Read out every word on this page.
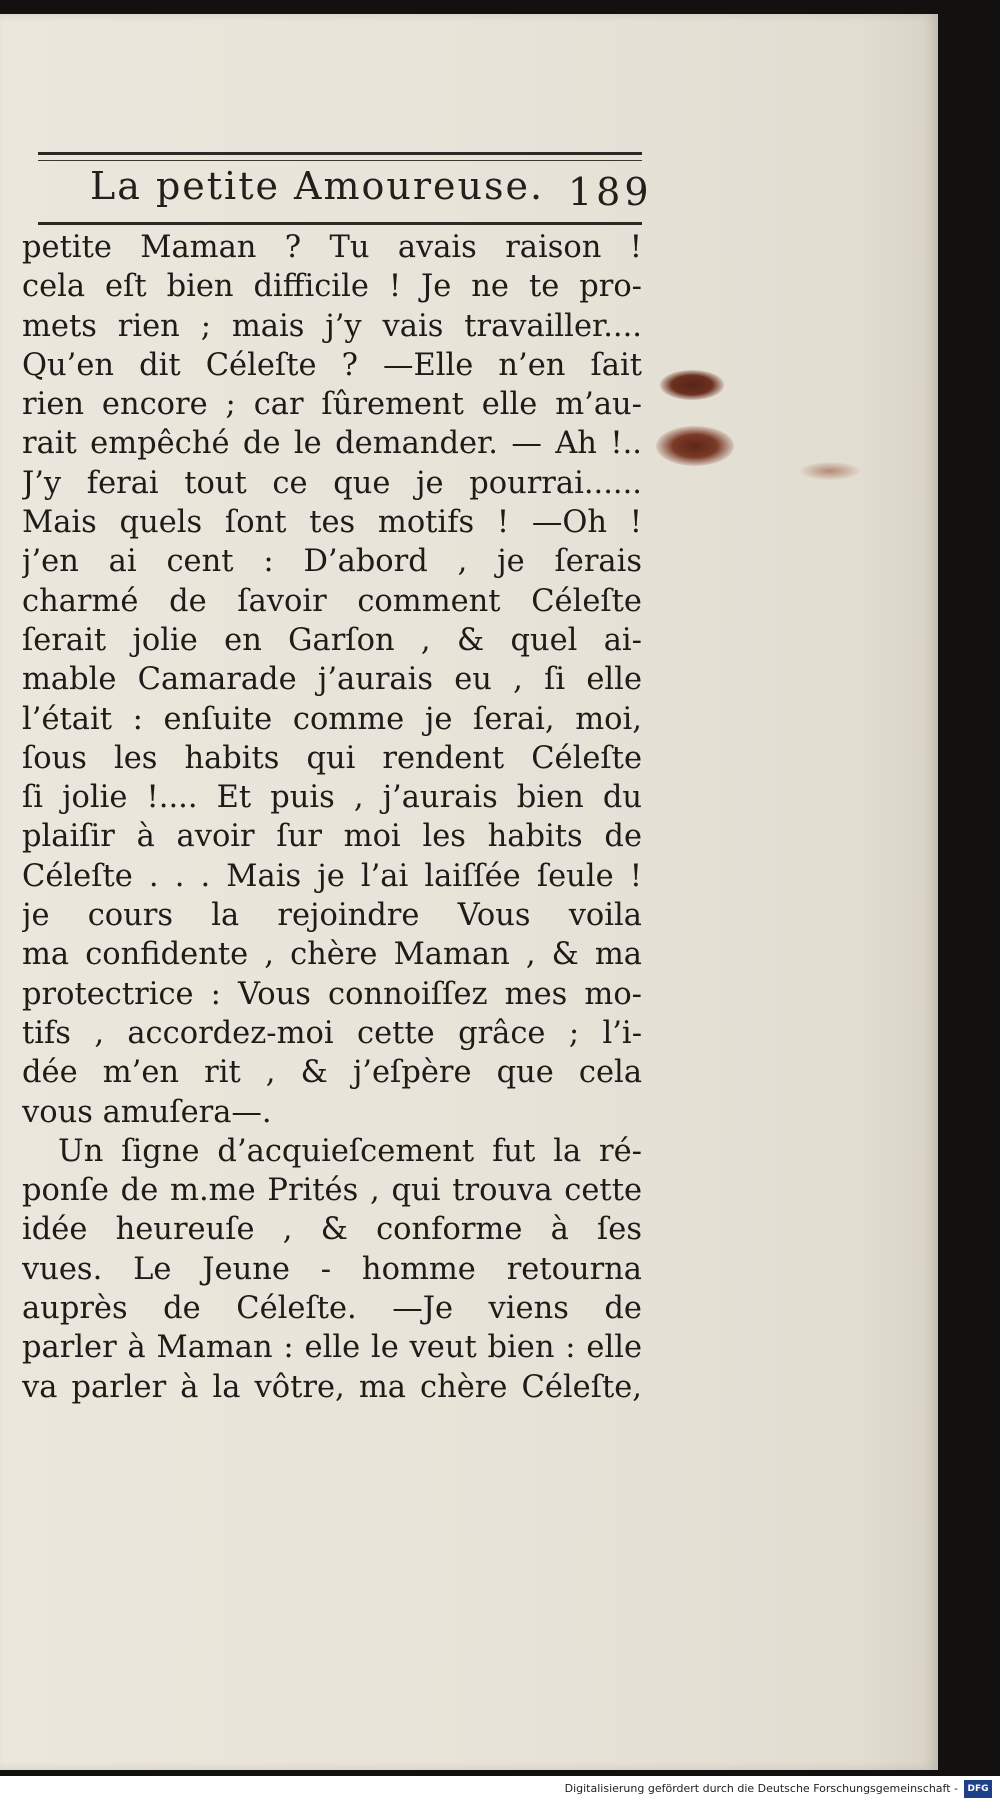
La petite Amoureuse. 189
petite Maman ? Tu avais raison !
cela eſt bien difficile ! Je ne te pro-
mets rien ; mais j’y vais travailler....
Qu’en dit Céleſte ? —Elle n’en ſait
rien encore ; car ſûrement elle m’au-
rait empêché de le demander. — Ah !..
J’y ferai tout ce que je pourrai......
Mais quels ſont tes motifs ! —Oh !
j’en ai cent : D’abord , je ſerais
charmé de ſavoir comment Céleſte
ſerait jolie en Garſon , & quel ai-
mable Camarade j’aurais eu , ſi elle
l’était : enſuite comme je ſerai, moi,
ſous les habits qui rendent Céleſte
ſi jolie !.... Et puis , j’aurais bien du
plaiſir à avoir ſur moi les habits de
Céleſte . . . Mais je l’ai laiſſée ſeule !
je cours la rejoindre Vous voila
ma confidente , chère Maman , & ma
protectrice : Vous connoiſſez mes mo-
tifs , accordez-moi cette grâce ; l’i-
dée m’en rit , & j’eſpère que cela
vous amuſera—.
Un ſigne d’acquieſcement fut la ré-
ponſe de m.me Prités , qui trouva cette
idée heureuſe , & conforme à ſes
vues. Le Jeune - homme retourna
auprès de Céleſte. —Je viens de
parler à Maman : elle le veut bien : elle
va parler à la vôtre, ma chère Céleſte,
Digitalisierung gefördert durch die Deutsche Forschungsgemeinschaft -	DFG
